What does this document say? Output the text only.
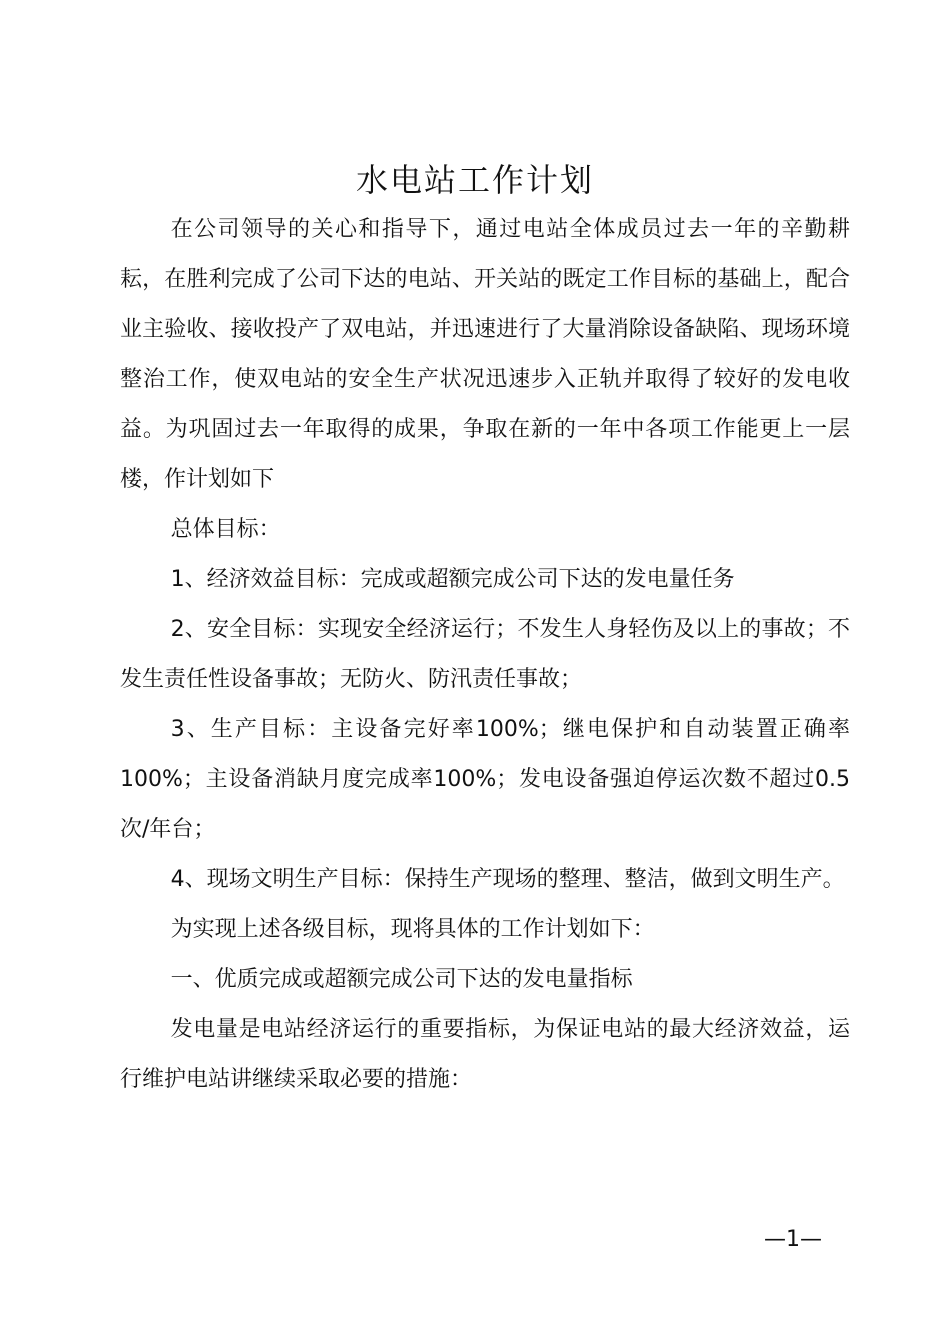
水电站工作计划

在公司领导的关心和指导下，通过电站全体成员过去一年的辛勤耕耘，在胜利完成了公司下达的电站、开关站的既定工作目标的基础上，配合业主验收、接收投产了双电站，并迅速进行了大量消除设备缺陷、现场环境整治工作，使双电站的安全生产状况迅速步入正轨并取得了较好的发电收益。为巩固过去一年取得的成果，争取在新的一年中各项工作能更上一层楼，作计划如下

总体目标：

1、经济效益目标：完成或超额完成公司下达的发电量任务

2、安全目标：实现安全经济运行；不发生人身轻伤及以上的事故；不发生责任性设备事故；无防火、防汛责任事故；

3、生产目标：主设备完好率100%；继电保护和自动装置正确率100%；主设备消缺月度完成率100%；发电设备强迫停运次数不超过0.5次/年台；

4、现场文明生产目标：保持生产现场的整理、整洁，做到文明生产。

为实现上述各级目标，现将具体的工作计划如下：

一、优质完成或超额完成公司下达的发电量指标

发电量是电站经济运行的重要指标，为保证电站的最大经济效益，运行维护电站讲继续采取必要的措施：

—1—
